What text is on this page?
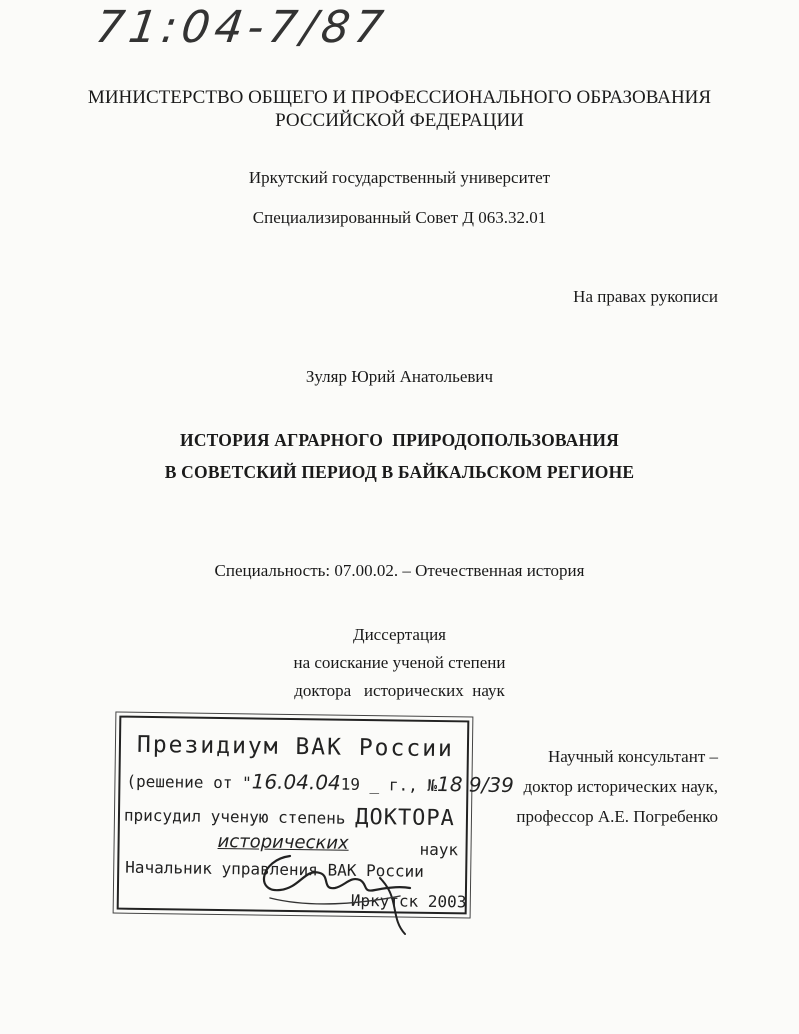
71:04-7/87
МИНИСТЕРСТВО ОБЩЕГО И ПРОФЕССИОНАЛЬНОГО ОБРАЗОВАНИЯ
РОССИЙСКОЙ ФЕДЕРАЦИИ
Иркутский государственный университет
Специализированный Совет Д 063.32.01
На правах рукописи
Зуляр Юрий Анатольевич
ИСТОРИЯ АГРАРНОГО  ПРИРОДОПОЛЬЗОВАНИЯ
В СОВЕТСКИЙ ПЕРИОД В БАЙКАЛЬСКОМ РЕГИОНЕ
Специальность: 07.00.02. – Отечественная история
Диссертация
на соискание ученой степени
доктора   исторических  наук
Научный консультант –
доктор исторических наук,
профессор А.Е. Погребенко
Президиум ВАК России
(решение от "16.04.0419 _ г., №18 9/39
присудил ученую степень ДОКТОРА
исторических	наук
Начальник управления ВАК России
Иркутск 2003
